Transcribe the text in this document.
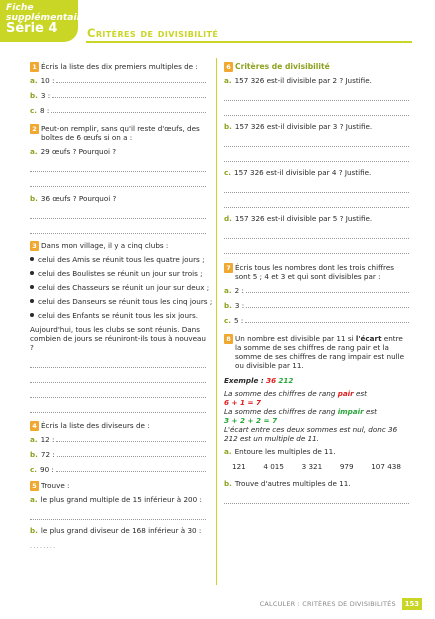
Fiche
supplémentaire
Série 4	Critères de divisibilité
1 Écris la liste des dix premiers multiples de :
a. 10 :
b. 3 :
c. 8 :
2 Peut-on remplir, sans qu'il reste d'œufs, des boîtes de 6 œufs si on a :
a. 29 œufs ? Pourquoi ?
b. 36 œufs ? Pourquoi ?
3 Dans mon village, il y a cinq clubs :
celui des Amis se réunit tous les quatre jours ;
celui des Boulistes se réunit un jour sur trois ;
celui des Chasseurs se réunit un jour sur deux ;
celui des Danseurs se réunit tous les cinq jours ;
celui des Enfants se réunit tous les six jours.
Aujourd'hui, tous les clubs se sont réunis. Dans combien de jours se réuniront-ils tous à nouveau ?
4 Écris la liste des diviseurs de :
a. 12 :
b. 72 :
c. 90 :
5 Trouve :
a. le plus grand multiple de 15 inférieur à 200 :
b. le plus grand diviseur de 168 inférieur à 30 :
........
6 Critères de divisibilité
a. 157 326 est-il divisible par 2 ? Justifie.
b. 157 326 est-il divisible par 3 ? Justifie.
c. 157 326 est-il divisible par 4 ? Justifie.
d. 157 326 est-il divisible par 5 ? Justifie.
7 Écris tous les nombres dont les trois chiffres sont 5 ; 4 et 3 et qui sont divisibles par :
a. 2 :
b. 3 :
c. 5 :
8 Un nombre est divisible par 11 si l'écart entre la somme de ses chiffres de rang pair et la somme de ses chiffres de rang impair est nulle ou divisible par 11.
Exemple : 36 212
La somme des chiffres de rang pair est
6 + 1 = 7
La somme des chiffres de rang impair est
3 + 2 + 2 = 7
L'écart entre ces deux sommes est nul, donc 36 212 est un multiple de 11.
a. Entoure les multiples de 11.
121 4 015 3 321 979 107 438
b. Trouve d'autres multiples de 11.
CALCULER : CRITÈRES DE DIVISIBILITÉS	153
